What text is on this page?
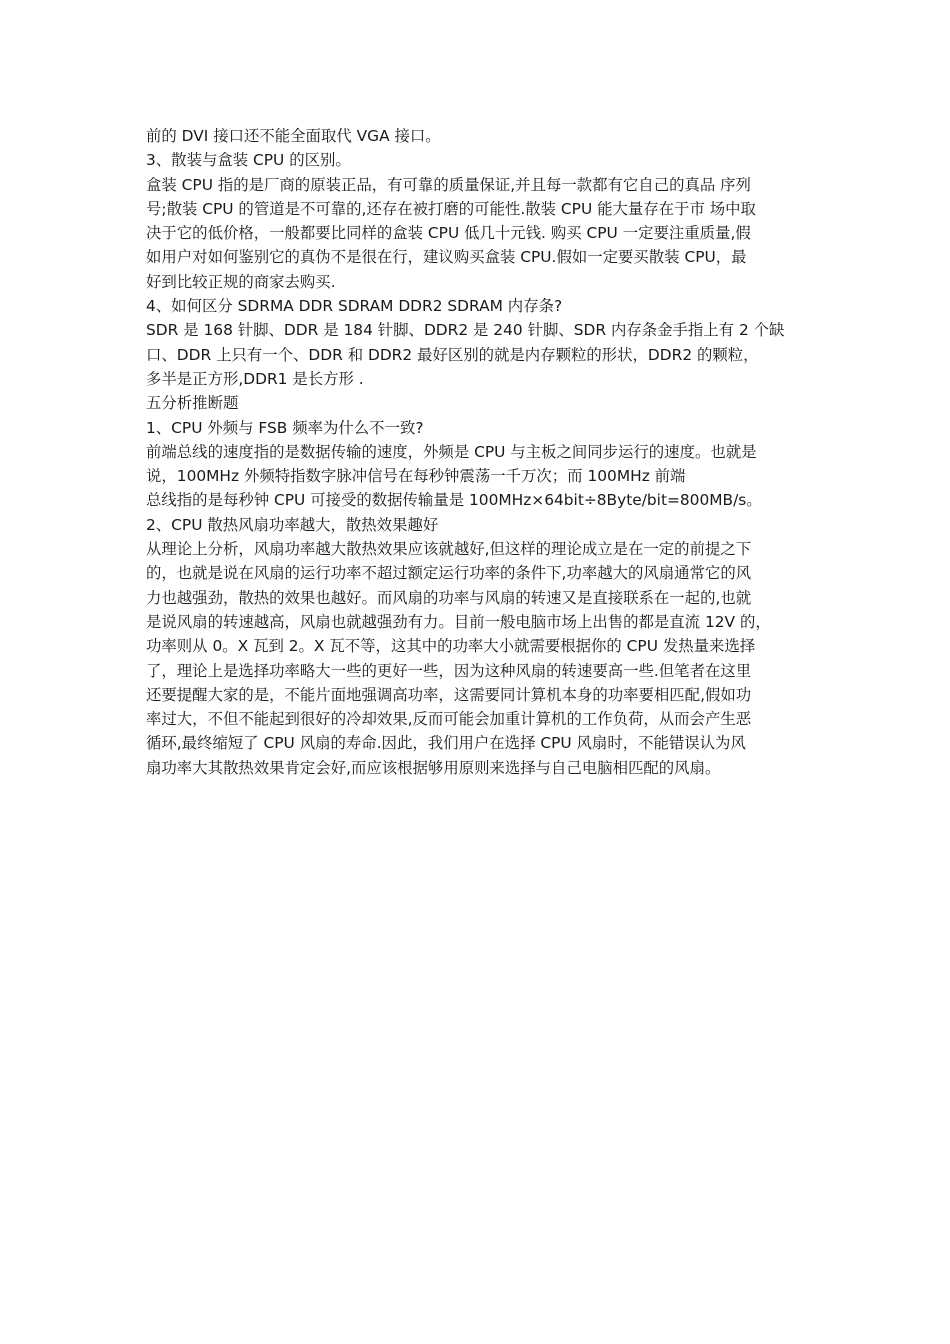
前的 DVI 接口还不能全面取代 VGA 接口。
3、散装与盒装 CPU 的区别。
盒装 CPU 指的是厂商的原装正品，有可靠的质量保证,并且每一款都有它自己的真品 序列
号;散装 CPU 的管道是不可靠的,还存在被打磨的可能性.散装 CPU 能大量存在于市 场中取
决于它的低价格，一般都要比同样的盒装 CPU 低几十元钱. 购买 CPU 一定要注重质量,假
如用户对如何鉴别它的真伪不是很在行，建议购买盒装 CPU.假如一定要买散装 CPU，最
好到比较正规的商家去购买.
4、如何区分 SDRMA DDR SDRAM DDR2 SDRAM 内存条?
SDR 是 168 针脚、DDR 是 184 针脚、DDR2 是 240 针脚、SDR 内存条金手指上有 2 个缺
口、DDR 上只有一个、DDR 和 DDR2 最好区别的就是内存颗粒的形状，DDR2 的颗粒，
多半是正方形,DDR1 是长方形 .
五分析推断题
1、CPU 外频与 FSB 频率为什么不一致?
前端总线的速度指的是数据传输的速度，外频是 CPU 与主板之间同步运行的速度。也就是
说，100MHz 外频特指数字脉冲信号在每秒钟震荡一千万次；而 100MHz 前端
总线指的是每秒钟 CPU 可接受的数据传输量是 100MHz×64bit÷8Byte/bit=800MB/s。
2、CPU 散热风扇功率越大，散热效果趣好
从理论上分析，风扇功率越大散热效果应该就越好,但这样的理论成立是在一定的前提之下
的，也就是说在风扇的运行功率不超过额定运行功率的条件下,功率越大的风扇通常它的风
力也越强劲，散热的效果也越好。而风扇的功率与风扇的转速又是直接联系在一起的,也就
是说风扇的转速越高，风扇也就越强劲有力。目前一般电脑市场上出售的都是直流 12V 的，
功率则从 0。X 瓦到 2。X 瓦不等，这其中的功率大小就需要根据你的 CPU 发热量来选择
了，理论上是选择功率略大一些的更好一些，因为这种风扇的转速要高一些.但笔者在这里
还要提醒大家的是，不能片面地强调高功率，这需要同计算机本身的功率要相匹配,假如功
率过大，不但不能起到很好的冷却效果,反而可能会加重计算机的工作负荷，从而会产生恶
循环,最终缩短了 CPU 风扇的寿命.因此，我们用户在选择 CPU 风扇时，不能错误认为风
扇功率大其散热效果肯定会好,而应该根据够用原则来选择与自己电脑相匹配的风扇。
